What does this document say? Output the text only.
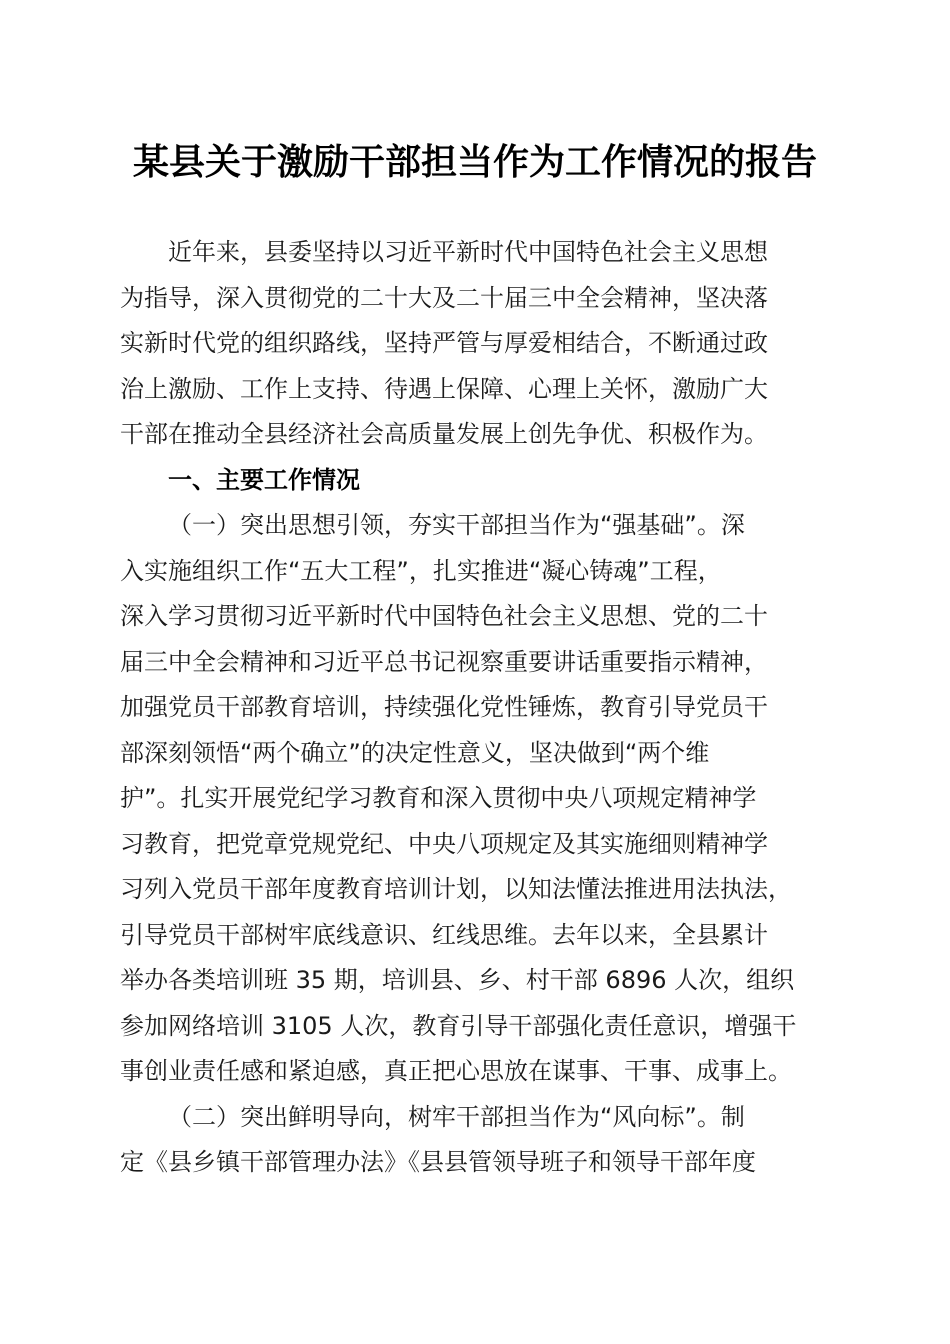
某县关于激励干部担当作为工作情况的报告
近年来，县委坚持以习近平新时代中国特色社会主义思想
为指导，深入贯彻党的二十大及二十届三中全会精神，坚决落
实新时代党的组织路线，坚持严管与厚爱相结合，不断通过政
治上激励、工作上支持、待遇上保障、心理上关怀，激励广大
干部在推动全县经济社会高质量发展上创先争优、积极作为。
一、主要工作情况
（一）突出思想引领，夯实干部担当作为“强基础”。深
入实施组织工作“五大工程”，扎实推进“凝心铸魂”工程，
深入学习贯彻习近平新时代中国特色社会主义思想、党的二十
届三中全会精神和习近平总书记视察重要讲话重要指示精神，
加强党员干部教育培训，持续强化党性锤炼，教育引导党员干
部深刻领悟“两个确立”的决定性意义，坚决做到“两个维
护”。扎实开展党纪学习教育和深入贯彻中央八项规定精神学
习教育，把党章党规党纪、中央八项规定及其实施细则精神学
习列入党员干部年度教育培训计划，以知法懂法推进用法执法，
引导党员干部树牢底线意识、红线思维。去年以来，全县累计
举办各类培训班 35 期，培训县、乡、村干部 6896 人次，组织
参加网络培训 3105 人次，教育引导干部强化责任意识，增强干
事创业责任感和紧迫感，真正把心思放在谋事、干事、成事上。
（二）突出鲜明导向，树牢干部担当作为“风向标”。制
定《县乡镇干部管理办法》《县县管领导班子和领导干部年度
